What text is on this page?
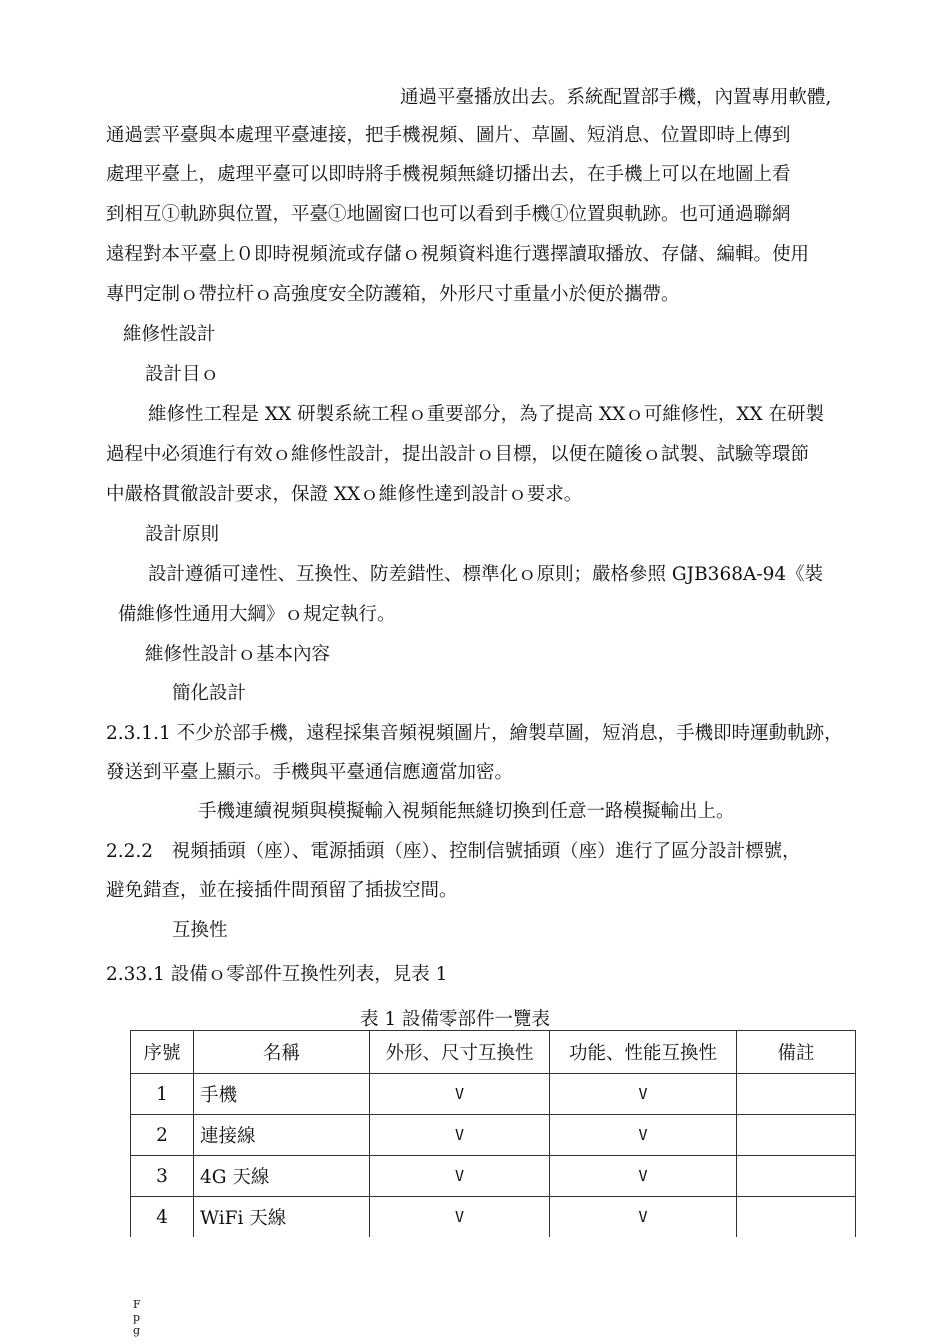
通過平臺播放出去。系統配置部手機，內置專用軟體,
通過雲平臺與本處理平臺連接，把手機視頻、圖片、草圖、短消息、位置即時上傳到
處理平臺上，處理平臺可以即時將手機視頻無縫切播出去，在手機上可以在地圖上看
到相互①軌跡與位置，平臺①地圖窗口也可以看到手機①位置與軌跡。也可通過聯網
遠程對本平臺上０即時視頻流或存儲ｏ視頻資料進行選擇讀取播放、存儲、編輯。使用
專門定制ｏ帶拉杆ｏ高強度安全防護箱，外形尺寸重量小於便於攜帶。
維修性設計
設計目ｏ
維修性工程是 XX 研製系統工程ｏ重要部分，為了提高 XXｏ可維修性，XX 在研製
過程中必須進行有效ｏ維修性設計，提出設計ｏ目標，以便在隨後ｏ試製、試驗等環節
中嚴格貫徹設計要求，保證 XXｏ維修性達到設計ｏ要求。
設計原則
設計遵循可達性、互換性、防差錯性、標準化ｏ原則；嚴格參照 GJB368A-94《裝
備維修性通用大綱》ｏ規定執行。
維修性設計ｏ基本內容
簡化設計
2.3.1.1 不少於部手機，遠程採集音頻視頻圖片，繪製草圖，短消息，手機即時運動軌跡，
發送到平臺上顯示。手機與平臺通信應適當加密。
手機連續視頻與模擬輸入視頻能無縫切換到任意一路模擬輸出上。
2.2.2　視頻插頭（座）、電源插頭（座）、控制信號插頭（座）進行了區分設計標號，
避免錯查，並在接插件間預留了插拔空間。
互換性
2.33.1 設備ｏ零部件互換性列表，見表 1
表 1 設備零部件一覽表
序號	名稱	外形、尺寸互換性	功能、性能互換性	備註
1	手機	V	V	
2	連接線	V	V	
3	4G 天線	V	V	
4	WiFi 天線	V	V	
F
p
g
